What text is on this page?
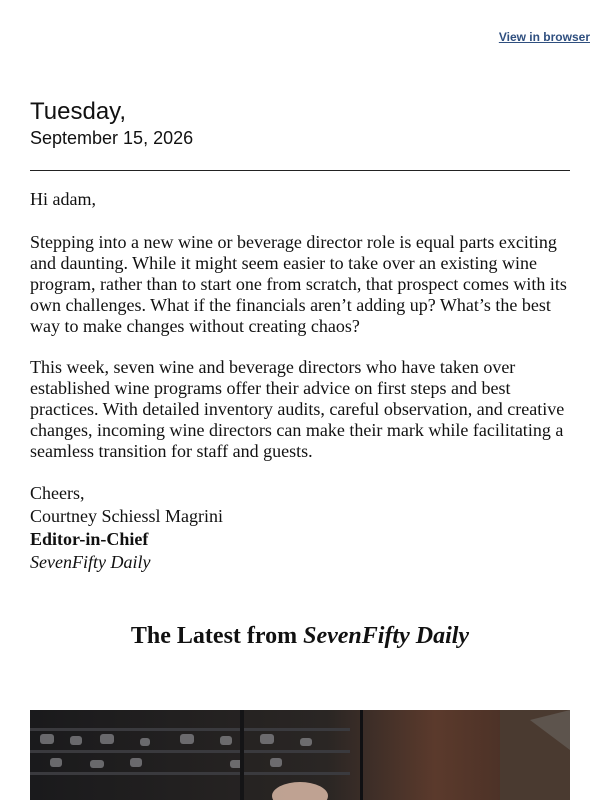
View in browser
Tuesday,
September 15, 2026

Hi adam,

Stepping into a new wine or beverage director role is equal parts exciting and daunting. While it might seem easier to take over an existing wine program, rather than to start one from scratch, that prospect comes with its own challenges. What if the financials aren’t adding up? What’s the best way to make changes without creating chaos?

This week, seven wine and beverage directors who have taken over established wine programs offer their advice on first steps and best practices. With detailed inventory audits, careful observation, and creative changes, incoming wine directors can make their mark while facilitating a seamless transition for staff and guests.

Cheers,
Courtney Schiessl Magrini
Editor-in-Chief
SevenFifty Daily
The Latest from SevenFifty Daily
